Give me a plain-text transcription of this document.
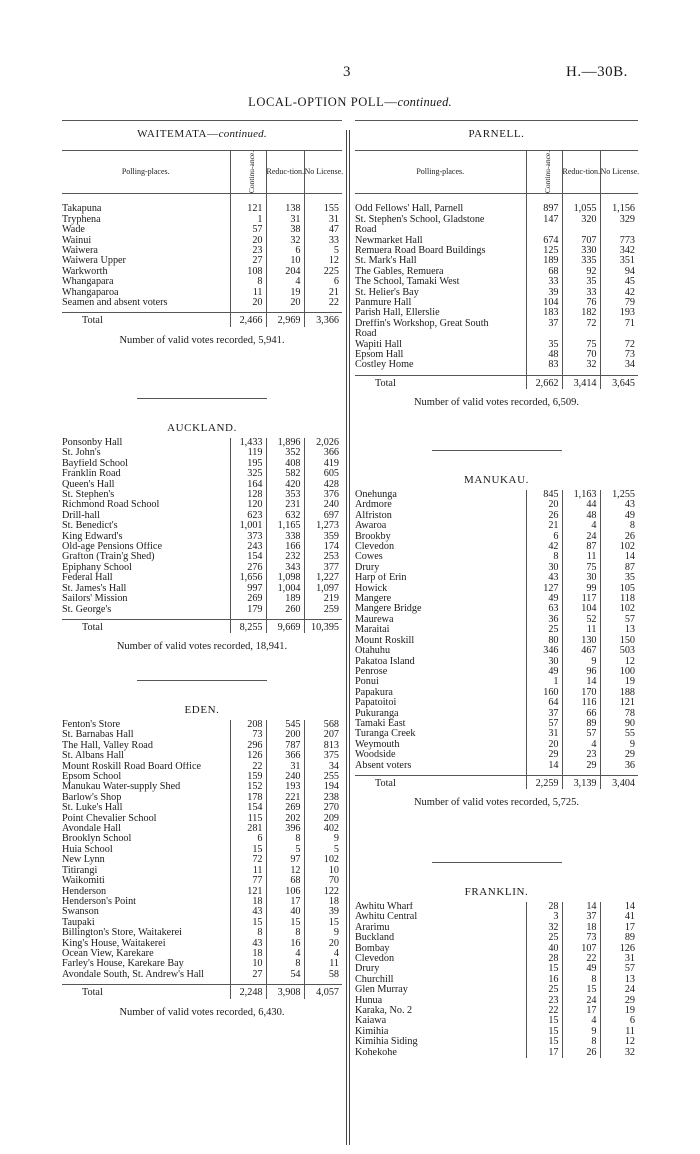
3	H.—30B.
LOCAL-OPTION POLL—continued.
WAITEMATA—continued.
Polling-places.	Continu-ance.	Reduc-tion.	No License.

Takapuna	121	138	155
Tryphena	1	31	31
Wade	57	38	47
Wainui	20	32	33
Waiwera	23	6	5
Waiwera Upper	27	10	12
Warkworth	108	204	225
Whangapara	8	4	6
Whangaparoa	11	19	21
Seamen and absent voters	20	20	22

Total	2,466	2,969	3,366
Number of valid votes recorded, 5,941.
AUCKLAND.
Ponsonby Hall	1,433	1,896	2,026
St. John's	119	352	366
Bayfield School	195	408	419
Franklin Road	325	582	605
Queen's Hall	164	420	428
St. Stephen's	128	353	376
Richmond Road School	120	231	240
Drill-hall	623	632	697
St. Benedict's	1,001	1,165	1,273
King Edward's	373	338	359
Old-age Pensions Office	243	166	174
Grafton (Train'g Shed)	154	232	253
Epiphany School	276	343	377
Federal Hall	1,656	1,098	1,227
St. James's Hall	997	1,004	1,097
Sailors' Mission	269	189	219
St. George's	179	260	259

Total	8,255	9,669	10,395
Number of valid votes recorded, 18,941.
EDEN.
Fenton's Store	208	545	568
St. Barnabas Hall	73	200	207
The Hall, Valley Road	296	787	813
St. Albans Hall	126	366	375
Mount Roskill Road Board Office	22	31	34
Epsom School	159	240	255
Manukau Water-supply Shed	152	193	194
Barlow's Shop	178	221	238
St. Luke's Hall	154	269	270
Point Chevalier School	115	202	209
Avondale Hall	281	396	402
Brooklyn School	6	8	9
Huia School	15	5	5
New Lynn	72	97	102
Titirangi	11	12	10
Waikomiti	77	68	70
Henderson	121	106	122
Henderson's Point	18	17	18
Swanson	43	40	39
Taupaki	15	15	15
Billington's Store, Waitakerei	8	8	9
King's House, Waitakerei	43	16	20
Ocean View, Karekare	18	4	4
Farley's House, Karekare Bay	10	8	11
Avondale South, St. Andrew's Hall	27	54	58

Total	2,248	3,908	4,057
Number of valid votes recorded, 6,430.
PARNELL.
Polling-places.	Continu-ance.	Reduc-tion.	No License.

Odd Fellows' Hall, Parnell	897	1,055	1,156
St. Stephen's School, Gladstone	147	320	329
Road			
Newmarket Hall	674	707	773
Remuera Road Board Buildings	125	330	342
St. Mark's Hall	189	335	351
The Gables, Remuera	68	92	94
The School, Tamaki West	33	35	45
St. Helier's Bay	39	33	42
Panmure Hall	104	76	79
Parish Hall, Ellerslie	183	182	193
Dreffin's Workshop, Great South	37	72	71
Road			
Wapiti Hall	35	75	72
Epsom Hall	48	70	73
Costley Home	83	32	34

Total	2,662	3,414	3,645
Number of valid votes recorded, 6,509.
MANUKAU.
Onehunga	845	1,163	1,255
Ardmore	20	44	43
Alfriston	26	48	49
Awaroa	21	4	8
Brookby	6	24	26
Clevedon	42	87	102
Cowes	8	11	14
Drury	30	75	87
Harp of Erin	43	30	35
Howick	127	99	105
Mangere	49	117	118
Mangere Bridge	63	104	102
Maurewa	36	52	57
Maraitai	25	11	13
Mount Roskill	80	130	150
Otahuhu	346	467	503
Pakatoa Island	30	9	12
Penrose	49	96	100
Ponui	1	14	19
Papakura	160	170	188
Papatoitoi	64	116	121
Pukuranga	37	66	78
Tamaki East	57	89	90
Turanga Creek	31	57	55
Weymouth	20	4	9
Woodside	29	23	29
Absent voters	14	29	36

Total	2,259	3,139	3,404
Number of valid votes recorded, 5,725.
FRANKLIN.
Awhitu Wharf	28	14	14
Awhitu Central	3	37	41
Ararimu	32	18	17
Buckland	25	73	89
Bombay	40	107	126
Clevedon	28	22	31
Drury	15	49	57
Churchill	16	8	13
Glen Murray	25	15	24
Hunua	23	24	29
Karaka, No. 2	22	17	19
Kaiawa	15	4	6
Kimihia	15	9	11
Kimihia Siding	15	8	12
Kohekohe	17	26	32
